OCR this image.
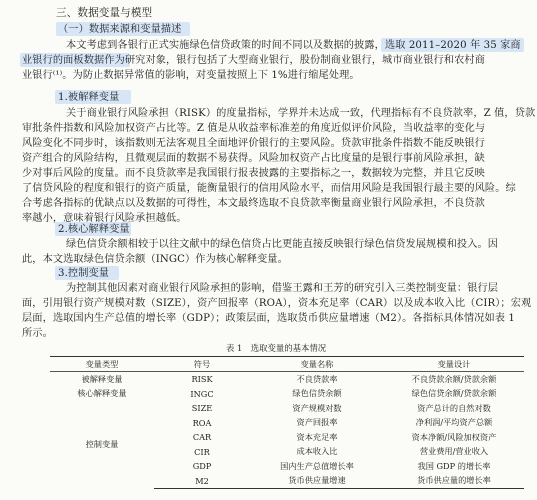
三、数据变量与模型
（一）数据来源和变量描述
本文考虑到各银行正式实施绿色信贷政策的时间不同以及数据的披露，选取 2011–2020 年 35 家商
业银行的面板数据作为研究对象，银行包括了大型商业银行，股份制商业银行，城市商业银行和农村商
业银行⁽¹⁾。为防止数据异常值的影响，对变量按照上下 1%进行缩尾处理。
1.被解释变量
关于商业银行风险承担（RISK）的度量指标，学界并未达成一致，代理指标有不良贷款率，Z 值，贷款
审批条件指数和风险加权资产占比等。Z 值是从收益率标准差的角度近似评价风险，当收益率的变化与
风险变化不同步时，该指数则无法客观且全面地评价银行的主要风险。贷款审批条件指数不能反映银行
资产组合的风险结构，且微观层面的数据不易获得。风险加权资产占比度量的是银行事前风险承担，缺
少对事后风险的度量。而不良贷款率是我国银行报表披露的主要指标之一，数据较为完整，并且它反映
了信贷风险的程度和银行的资产质量，能衡量银行的信用风险水平，而信用风险是我国银行最主要的风险。综
合考虑各指标的优缺点以及数据的可得性，本文最终选取不良贷款率衡量商业银行风险承担，不良贷款
率越小，意味着银行风险承担越低。
2.核心解释变量
绿色信贷余额相较于以往文献中的绿色信贷占比更能直接反映银行绿色信贷发展规模和投入。因
此，本文选取绿色信贷余额（INGC）作为核心解释变量。
3.控制变量
为控制其他因素对商业银行风险承担的影响，借鉴王露和王芳的研究引入三类控制变量：银行层
面，引用银行资产规模对数（SIZE），资产回报率（ROA），资本充足率（CAR）以及成本收入比（CIR）；宏观
层面，选取国内生产总值的增长率（GDP）；政策层面，选取货币供应量增速（M2）。各指标具体情况如表 1
所示。
表 1　选取变量的基本情况
变量类型	符号	变量名称	变量设计
被解释变量	RISK	不良贷款率	不良贷款余额/贷款余额
核心解释变量	INGC	绿色信贷余额	绿色信贷余额/贷款余额
控制变量	SIZE	资产规模对数	资产总计的自然对数
	ROA	资产回报率	净利润/平均资产总额
	CAR	资本充足率	资本净额/风险加权资产
	CIR	成本收入比	营业费用/营业收入
	GDP	国内生产总值增长率	我国 GDP 的增长率
	M2	货币供应量增速	货币供应量的增长率
